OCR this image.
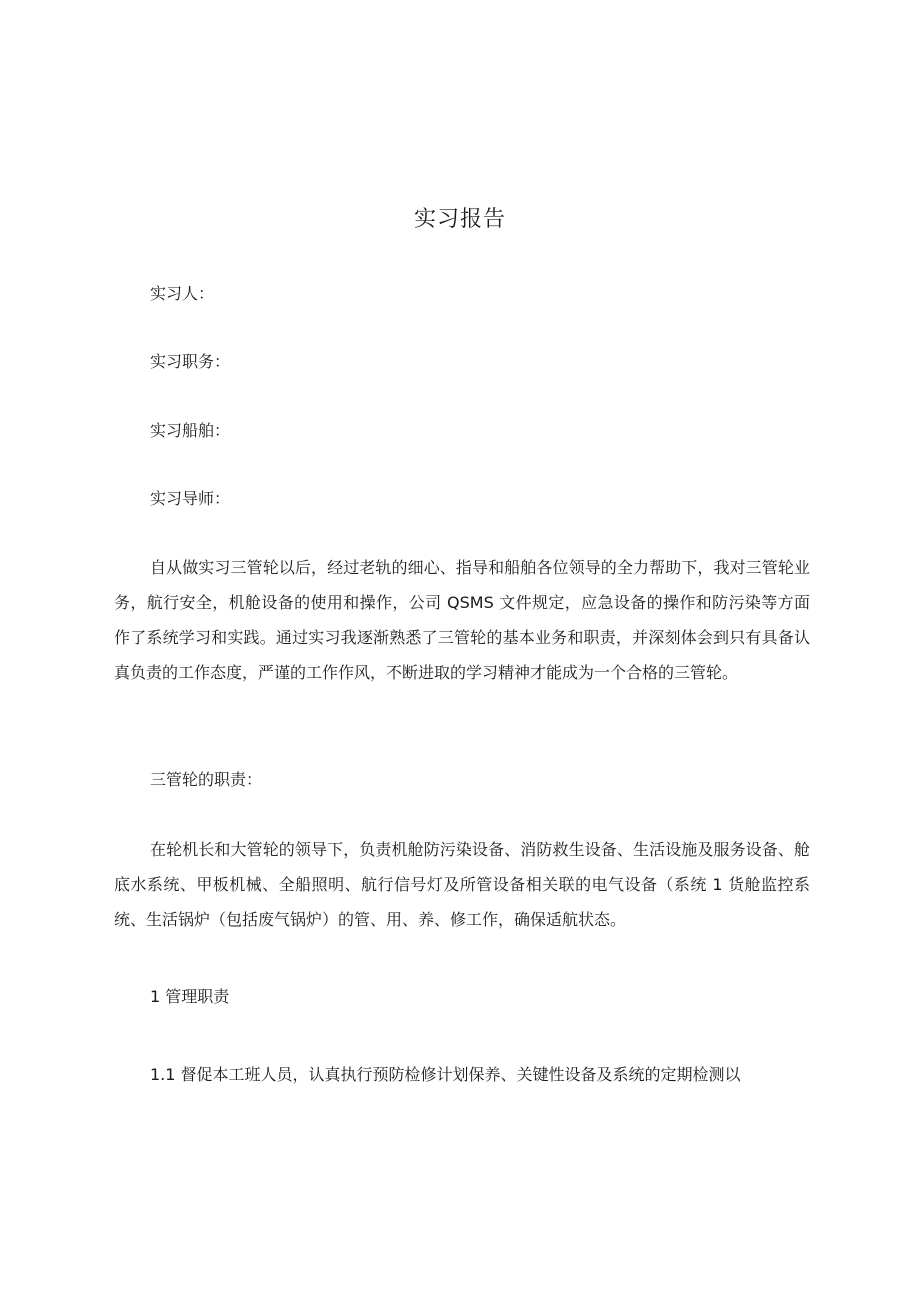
实习报告
实习人：
实习职务：
实习船舶：
实习导师：

自从做实习三管轮以后，经过老轨的细心、指导和船舶各位领导的全力帮助下，我对三管轮业务，航行安全，机舱设备的使用和操作，公司 QSMS 文件规定，应急设备的操作和防污染等方面作了系统学习和实践。通过实习我逐渐熟悉了三管轮的基本业务和职责，并深刻体会到只有具备认真负责的工作态度，严谨的工作作风，不断进取的学习精神才能成为一个合格的三管轮。

三管轮的职责：

在轮机长和大管轮的领导下，负责机舱防污染设备、消防救生设备、生活设施及服务设备、舱底水系统、甲板机械、全船照明、航行信号灯及所管设备相关联的电气设备（系统 1 货舱监控系统、生活锅炉（包括废气锅炉）的管、用、养、修工作，确保适航状态。

1 管理职责
1.1 督促本工班人员，认真执行预防检修计划保养、关键性设备及系统的定期检测以
